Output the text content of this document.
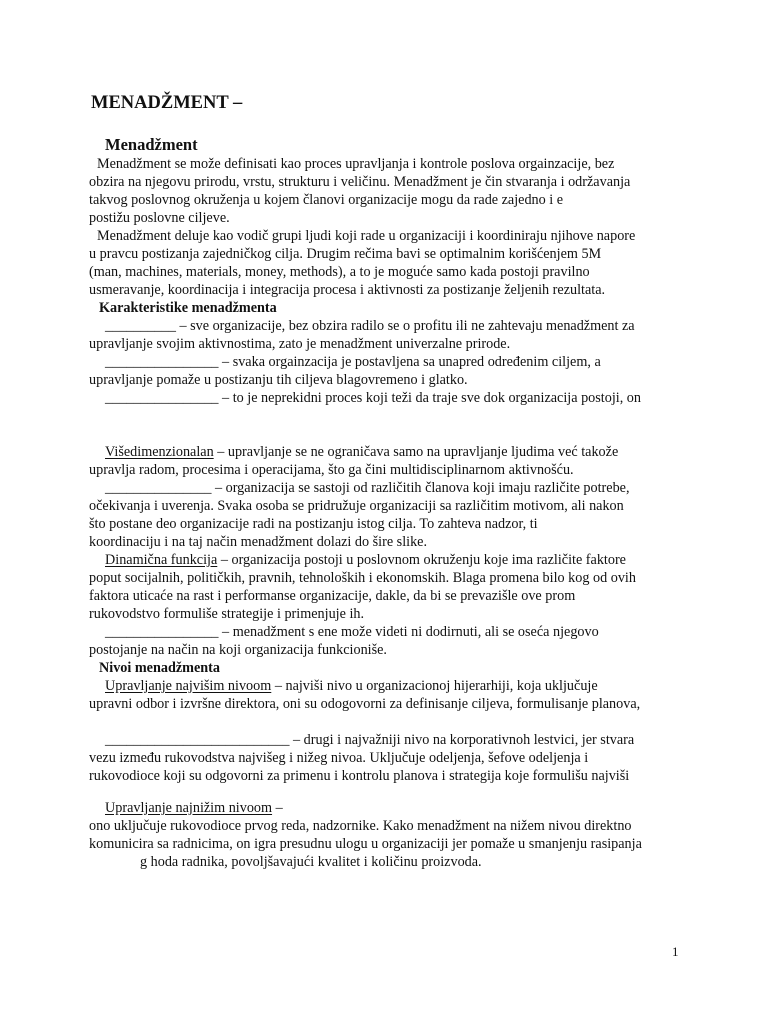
MENADŽMENT –
Menadžment
Menadžment se može definisati kao proces upravljanja i kontrole poslova orgainzacije, bez
obzira na njegovu prirodu, vrstu, strukturu i veličinu. Menadžment je čin stvaranja i održavanja
takvog poslovnog okruženja u kojem članovi organizacije mogu da rade zajedno i e
postižu poslovne ciljeve.
Menadžment deluje kao vodič grupi ljudi koji rade u organizaciji i koordiniraju njihove napore
u pravcu postizanja zajedničkog cilja. Drugim rečima bavi se optimalnim korišćenjem 5M
(man, machines, materials, money, methods), a to je moguće samo kada postoji pravilno
usmeravanje, koordinacija i integracija procesa i aktivnosti za postizanje željenih rezultata.
Karakteristike menadžmenta
__________ – sve organizacije, bez obzira radilo se o profitu ili ne zahtevaju menadžment za
upravljanje svojim aktivnostima, zato je menadžment univerzalne prirode.
________________ – svaka orgainzacija je postavljena sa unapred određenim ciljem, a
upravljanje pomaže u postizanju tih ciljeva blagovremeno i glatko.
________________ – to je neprekidni proces koji teži da traje sve dok organizacija postoji, on
Višedimenzionalan – upravljanje se ne ograničava samo na upravljanje ljudima već takože
upravlja radom, procesima i operacijama, što ga čini multidisciplinarnom aktivnošću.
_______________ – organizacija se sastoji od različitih članova koji imaju različite potrebe,
očekivanja i uverenja. Svaka osoba se pridružuje organizaciji sa različitim motivom, ali nakon
što postane deo organizacije radi na postizanju istog cilja. To zahteva nadzor, ti
koordinaciju i na taj način menadžment dolazi do šire slike.
Dinamična funkcija – organizacija postoji u poslovnom okruženju koje ima različite faktore
poput socijalnih, političkih, pravnih, tehnoloških i ekonomskih. Blaga promena bilo kog od ovih
faktora uticaće na rast i performanse organizacije, dakle, da bi se prevazišle ove prom
rukovodstvo formuliše strategije i primenjuje ih.
________________ – menadžment s ene može videti ni dodirnuti, ali se oseća njegovo
postojanje na način na koji organizacija funkcioniše.
Nivoi menadžmenta
Upravljanje najvišim nivoom – najviši nivo u organizacionoj hijerarhiji, koja uključuje
upravni odbor i izvršne direktora, oni su odogovorni za definisanje ciljeva, formulisanje planova,
__________________________ – drugi i najvažniji nivo na korporativnoh lestvici, jer stvara
vezu između rukovodstva najvišeg i nižeg nivoa. Uključuje odeljenja, šefove odeljenja i
rukovodioce koji su odgovorni za primenu i kontrolu planova i strategija koje formulišu najviši
Upravljanje najnižim nivoom –
ono uključuje rukovodioce prvog reda, nadzornike. Kako menadžment na nižem nivou direktno
komunicira sa radnicima, on igra presudnu ulogu u organizaciji jer pomaže u smanjenju rasipanja
g hoda radnika, povoljšavajući kvalitet i količinu proizvoda.
1
